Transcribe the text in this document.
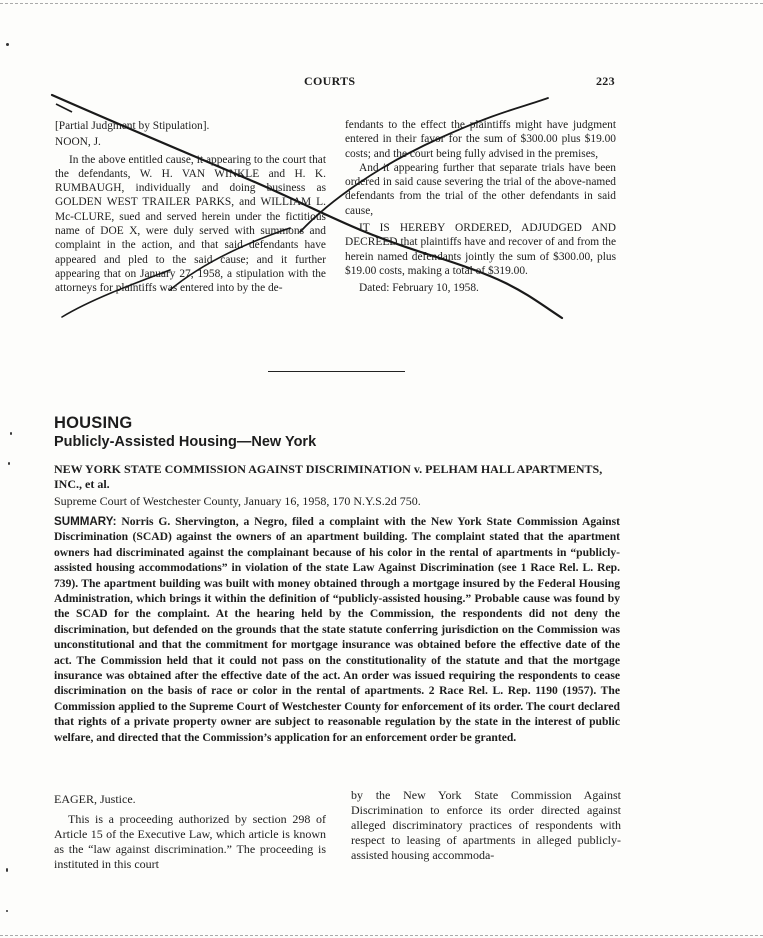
COURTS	223

[Partial Judgment by Stipulation].

NOON, J.

In the above entitled cause, it appearing to the court that the defendants, W. H. VAN WINKLE and H. K. RUMBAUGH, individually and doing business as GOLDEN WEST TRAILER PARKS, and WILLIAM L. Mc-CLURE, sued and served herein under the fictitious name of DOE X, were duly served with summons and complaint in the action, and that said defendants have appeared and pled to the said cause; and it further appearing that on January 27, 1958, a stipulation with the attorneys for plaintiffs was entered into by the de-

fendants to the effect the plaintiffs might have judgment entered in their favor for the sum of $300.00 plus $19.00 costs; and the court being fully advised in the premises,

And it appearing further that separate trials have been ordered in said cause severing the trial of the above-named defendants from the trial of the other defendants in said cause,

IT IS HEREBY ORDERED, ADJUDGED AND DECREED that plaintiffs have and recover of and from the herein named defendants jointly the sum of $300.00, plus $19.00 costs, making a total of $319.00.

Dated: February 10, 1958.

HOUSING
Publicly-Assisted Housing—New York
NEW YORK STATE COMMISSION AGAINST DISCRIMINATION v. PELHAM HALL APARTMENTS, INC., et al.
Supreme Court of Westchester County, January 16, 1958, 170 N.Y.S.2d 750.
SUMMARY: Norris G. Shervington, a Negro, filed a complaint with the New York State Commission Against Discrimination (SCAD) against the owners of an apartment building. The complaint stated that the apartment owners had discriminated against the complainant because of his color in the rental of apartments in “publicly-assisted housing accommodations” in violation of the state Law Against Discrimination (see 1 Race Rel. L. Rep. 739). The apartment building was built with money obtained through a mortgage insured by the Federal Housing Administration, which brings it within the definition of “publicly-assisted housing.” Probable cause was found by the SCAD for the complaint. At the hearing held by the Commission, the respondents did not deny the discrimination, but defended on the grounds that the state statute conferring jurisdiction on the Commission was unconstitutional and that the commitment for mortgage insurance was obtained before the effective date of the act. The Commission held that it could not pass on the constitutionality of the statute and that the mortgage insurance was obtained after the effective date of the act. An order was issued requiring the respondents to cease discrimination on the basis of race or color in the rental of apartments. 2 Race Rel. L. Rep. 1190 (1957). The Commission applied to the Supreme Court of Westchester County for enforcement of its order. The court declared that rights of a private property owner are subject to reasonable regulation by the state in the interest of public welfare, and directed that the Commission’s application for an enforcement order be granted.

EAGER, Justice.

This is a proceeding authorized by section 298 of Article 15 of the Executive Law, which article is known as the “law against discrimination.” The proceeding is instituted in this court

by the New York State Commission Against Discrimination to enforce its order directed against alleged discriminatory practices of respondents with respect to leasing of apartments in alleged publicly-assisted housing accommoda-
